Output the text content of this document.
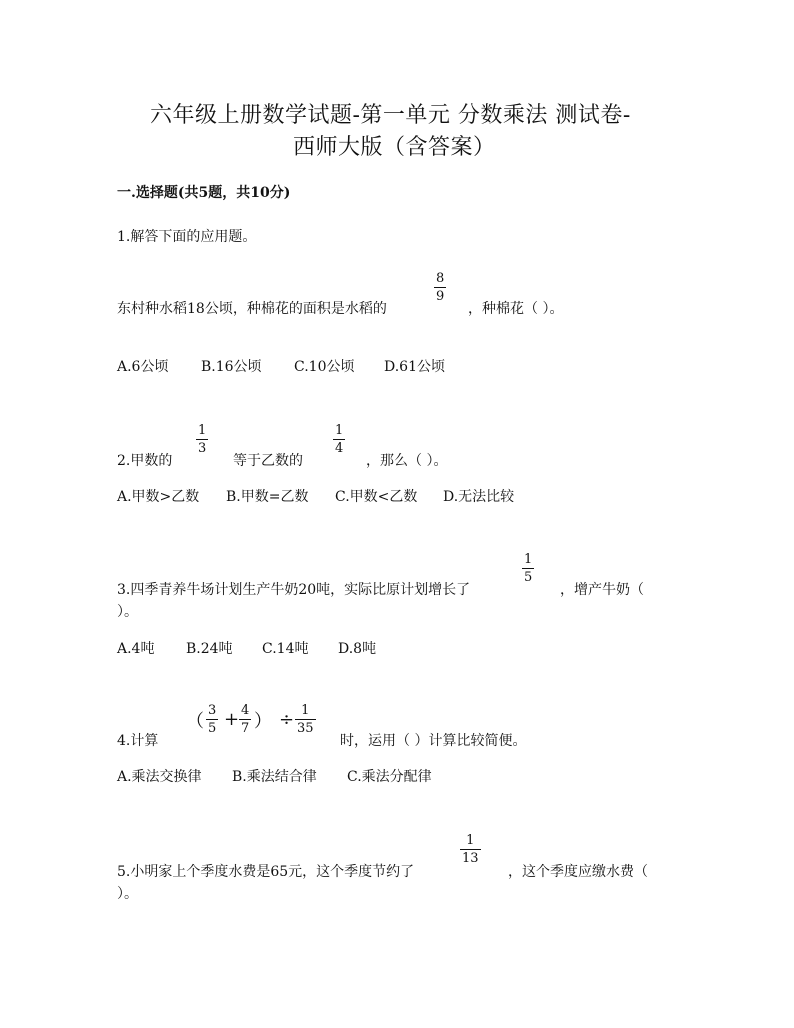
六年级上册数学试题-第一单元 分数乘法 测试卷-
西师大版（含答案）
一.选择题(共5题，共10分)
1.解答下面的应用题。
8
9
东村种水稻18公顷，种棉花的面积是水稻的	，种棉花（ ）。
A.6公顷 B.16公顷 C.10公顷 D.61公顷
2.甲数的
1
3
等于乙数的
1
4
，那么（ ）。
A.甲数>乙数 B.甲数=乙数 C.甲数<乙数 D.无法比较
3.四季青养牛场计划生产牛奶20吨，实际比原计划增长了
1
5
，增产牛奶（
）。
A.4吨 B.24吨 C.14吨 D.8吨
4.计算
（
3
5 + 4
7 ） ÷ 1
35
时，运用（ ）计算比较简便。
A.乘法交换律 B.乘法结合律 C.乘法分配律
5.小明家上个季度水费是65元，这个季度节约了
1
13
，这个季度应缴水费（
）。
